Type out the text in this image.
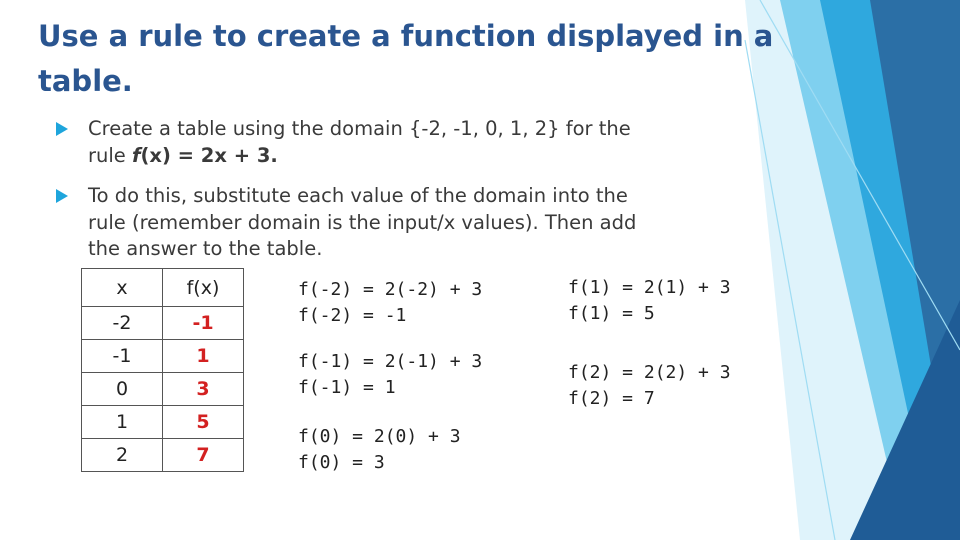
Use a rule to create a function displayed in a table.
Create a table using the domain {-2, -1, 0, 1, 2} for the
rule f(x) = 2x + 3.
To do this, substitute each value of the domain into the
rule (remember domain is the input/x values). Then add
the answer to the table.
x	f(x)
-2	-1
-1	1
0	3
1	5
2	7
f(-2) = 2(-2) + 3
f(-2) = -1
f(-1) = 2(-1) + 3
f(-1) = 1
f(0) = 2(0) + 3
f(0) = 3
f(1) = 2(1) + 3
f(1) = 5
f(2) = 2(2) + 3
f(2) = 7
